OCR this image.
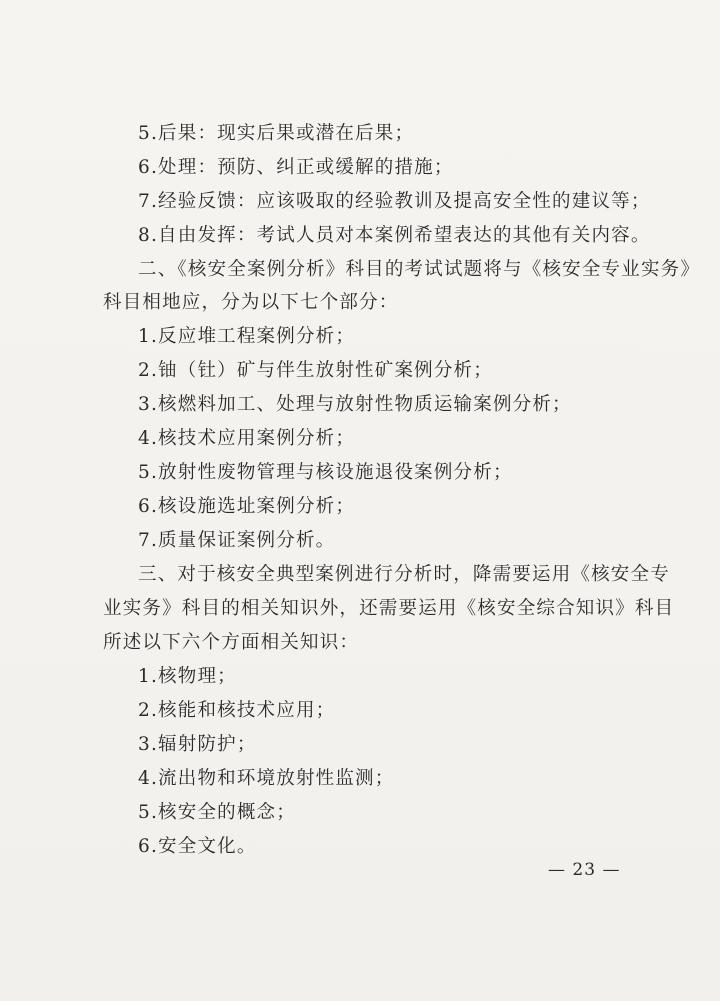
5.后果：现实后果或潜在后果；
6.处理：预防、纠正或缓解的措施；
7.经验反馈：应该吸取的经验教训及提高安全性的建议等；
8.自由发挥：考试人员对本案例希望表达的其他有关内容。
二、《核安全案例分析》科目的考试试题将与《核安全专业实务》
科目相地应，分为以下七个部分：
1.反应堆工程案例分析；
2.铀（钍）矿与伴生放射性矿案例分析；
3.核燃料加工、处理与放射性物质运输案例分析；
4.核技术应用案例分析；
5.放射性废物管理与核设施退役案例分析；
6.核设施选址案例分析；
7.质量保证案例分析。
三、对于核安全典型案例进行分析时，降需要运用《核安全专
业实务》科目的相关知识外，还需要运用《核安全综合知识》科目
所述以下六个方面相关知识：
1.核物理；
2.核能和核技术应用；
3.辐射防护；
4.流出物和环境放射性监测；
5.核安全的概念；
6.安全文化。
— 23 —
